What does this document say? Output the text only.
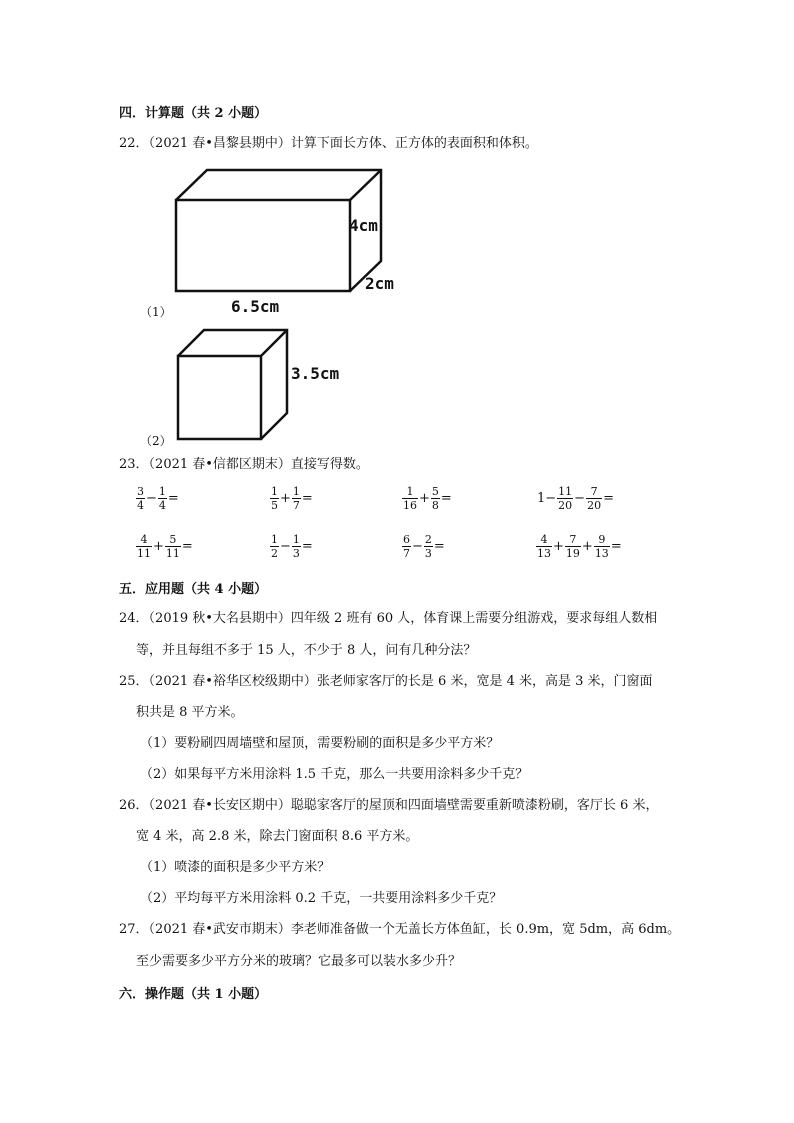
四．计算题（共 2 小题）
22．（2021 春•昌黎县期中）计算下面长方体、正方体的表面积和体积。
4cm
2cm
6.5cm
（1）
3.5cm
（2）
23．（2021 春•信都区期末）直接写得数。
$\frac{3}{4} - \frac{1}{4}$ =	$\frac{1}{5} + \frac{1}{7}$ =	$\frac{1}{16} + \frac{5}{8}$ =	$1- \frac{11}{20} - \frac{7}{20}$ =
$\frac{4}{11} + \frac{5}{11}$ =	$\frac{1}{2} - \frac{1}{3}$ =	$\frac{6}{7} - \frac{2}{3}$ =	$\frac{4}{13} + \frac{7}{19} + \frac{9}{13}$ =
五．应用题（共 4 小题）
24．（2019 秋•大名县期中）四年级 2 班有 60 人，体育课上需要分组游戏，要求每组人数相
等，并且每组不多于 15 人，不少于 8 人，问有几种分法？
25．（2021 春•裕华区校级期中）张老师家客厅的长是 6 米，宽是 4 米，高是 3 米，门窗面
积共是 8 平方米。
（1）要粉刷四周墙壁和屋顶，需要粉刷的面积是多少平方米？
（2）如果每平方米用涂料 1.5 千克，那么一共要用涂料多少千克？
26．（2021 春•长安区期中）聪聪家客厅的屋顶和四面墙壁需要重新喷漆粉刷，客厅长 6 米，
宽 4 米，高 2.8 米，除去门窗面积 8.6 平方米。
（1）喷漆的面积是多少平方米？
（2）平均每平方米用涂料 0.2 千克，一共要用涂料多少千克？
27．（2021 春•武安市期末）李老师准备做一个无盖长方体鱼缸，长 0.9m，宽 5dm，高 6dm。
至少需要多少平方分米的玻璃？它最多可以装水多少升？
六．操作题（共 1 小题）
